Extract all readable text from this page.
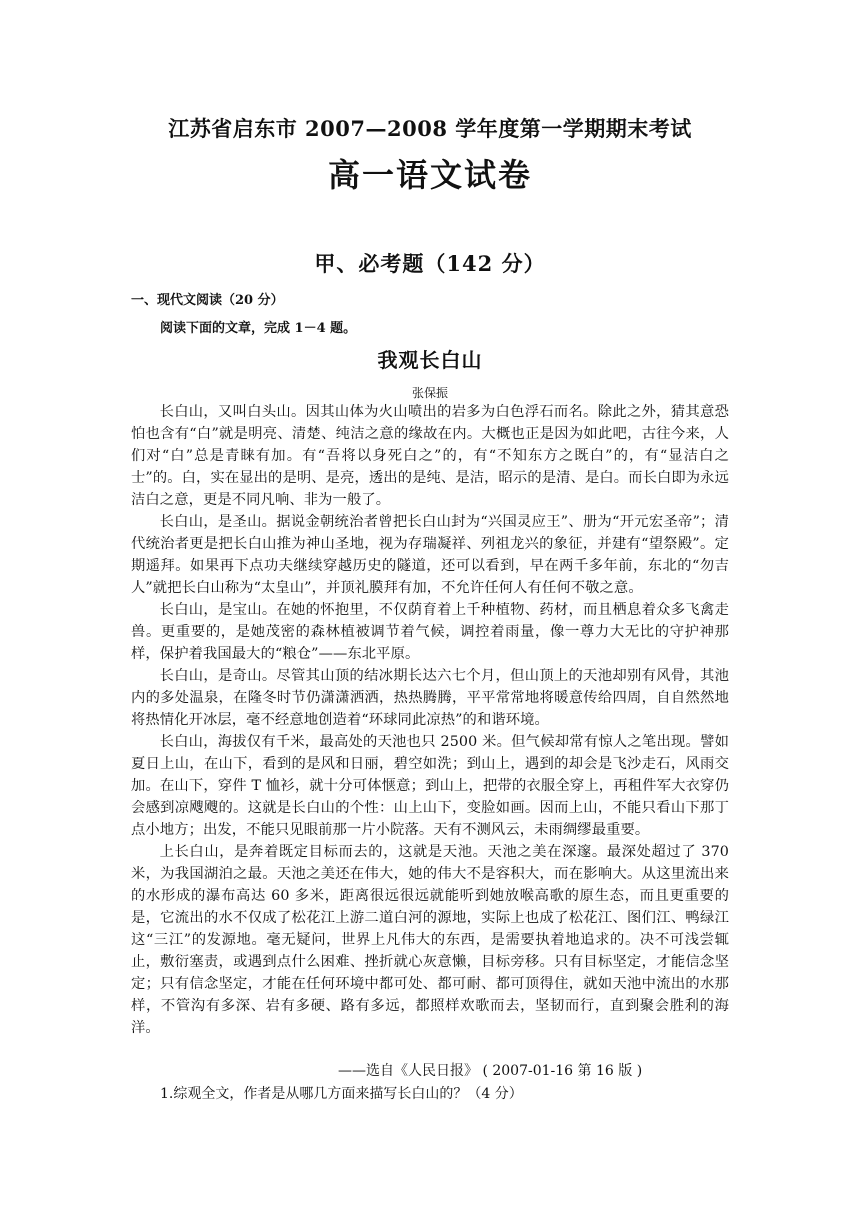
江苏省启东市 2007—2008 学年度第一学期期末考试
高一语文试卷
甲、必考题（142 分）
一、现代文阅读（20 分）
阅读下面的文章，完成 1－4 题。
我观长白山
张保振

长白山，又叫白头山。因其山体为火山喷出的岩多为白色浮石而名。除此之外，猜其意恐怕也含有“白”就是明亮、清楚、纯洁之意的缘故在内。大概也正是因为如此吧，古往今来，人们对“白”总是青睐有加。有“吾将以身死白之”的，有“不知东方之既白”的，有“显洁白之士”的。白，实在显出的是明、是亮，透出的是纯、是洁，昭示的是清、是白。而长白即为永远洁白之意，更是不同凡响、非为一般了。

长白山，是圣山。据说金朝统治者曾把长白山封为“兴国灵应王”、册为“开元宏圣帝”；清代统治者更是把长白山推为神山圣地，视为存瑞凝祥、列祖龙兴的象征，并建有“望祭殿”。定期遥拜。如果再下点功夫继续穿越历史的隧道，还可以看到，早在两千多年前，东北的“勿吉人”就把长白山称为“太皇山”，并顶礼膜拜有加，不允许任何人有任何不敬之意。

长白山，是宝山。在她的怀抱里，不仅荫育着上千种植物、药材，而且栖息着众多飞禽走兽。更重要的，是她茂密的森林植被调节着气候，调控着雨量，像一尊力大无比的守护神那样，保护着我国最大的“粮仓”——东北平原。

长白山，是奇山。尽管其山顶的结冰期长达六七个月，但山顶上的天池却别有风骨，其池内的多处温泉，在隆冬时节仍潇潇洒洒，热热腾腾，平平常常地将暖意传给四周，自自然然地将热情化开冰层，毫不经意地创造着“环球同此凉热”的和谐环境。

长白山，海拔仅有千米，最高处的天池也只 2500 米。但气候却常有惊人之笔出现。譬如夏日上山，在山下，看到的是风和日丽，碧空如洗；到山上，遇到的却会是飞沙走石，风雨交加。在山下，穿件 T 恤衫，就十分可体惬意；到山上，把带的衣服全穿上，再租件军大衣穿仍会感到凉飕飕的。这就是长白山的个性：山上山下，变脸如画。因而上山，不能只看山下那丁点小地方；出发，不能只见眼前那一片小院落。天有不测风云，未雨绸缪最重要。

上长白山，是奔着既定目标而去的，这就是天池。天池之美在深邃。最深处超过了 370 米，为我国湖泊之最。天池之美还在伟大，她的伟大不是容积大，而在影响大。从这里流出来的水形成的瀑布高达 60 多米，距离很远很远就能听到她放喉高歌的原生态，而且更重要的是，它流出的水不仅成了松花江上游二道白河的源地，实际上也成了松花江、图们江、鸭绿江这“三江”的发源地。毫无疑问，世界上凡伟大的东西，是需要执着地追求的。决不可浅尝辄止，敷衍塞责，或遇到点什么困难、挫折就心灰意懒，目标旁移。只有目标坚定，才能信念坚定；只有信念坚定，才能在任何环境中都可处、都可耐、都可顶得住，就如天池中流出的水那样，不管沟有多深、岩有多硬、路有多远，都照样欢歌而去，坚韧而行，直到聚会胜利的海洋。

——选自《人民日报》 ( 2007-01-16 第 16 版 )
1.综观全文，作者是从哪几方面来描写长白山的？（4 分）
